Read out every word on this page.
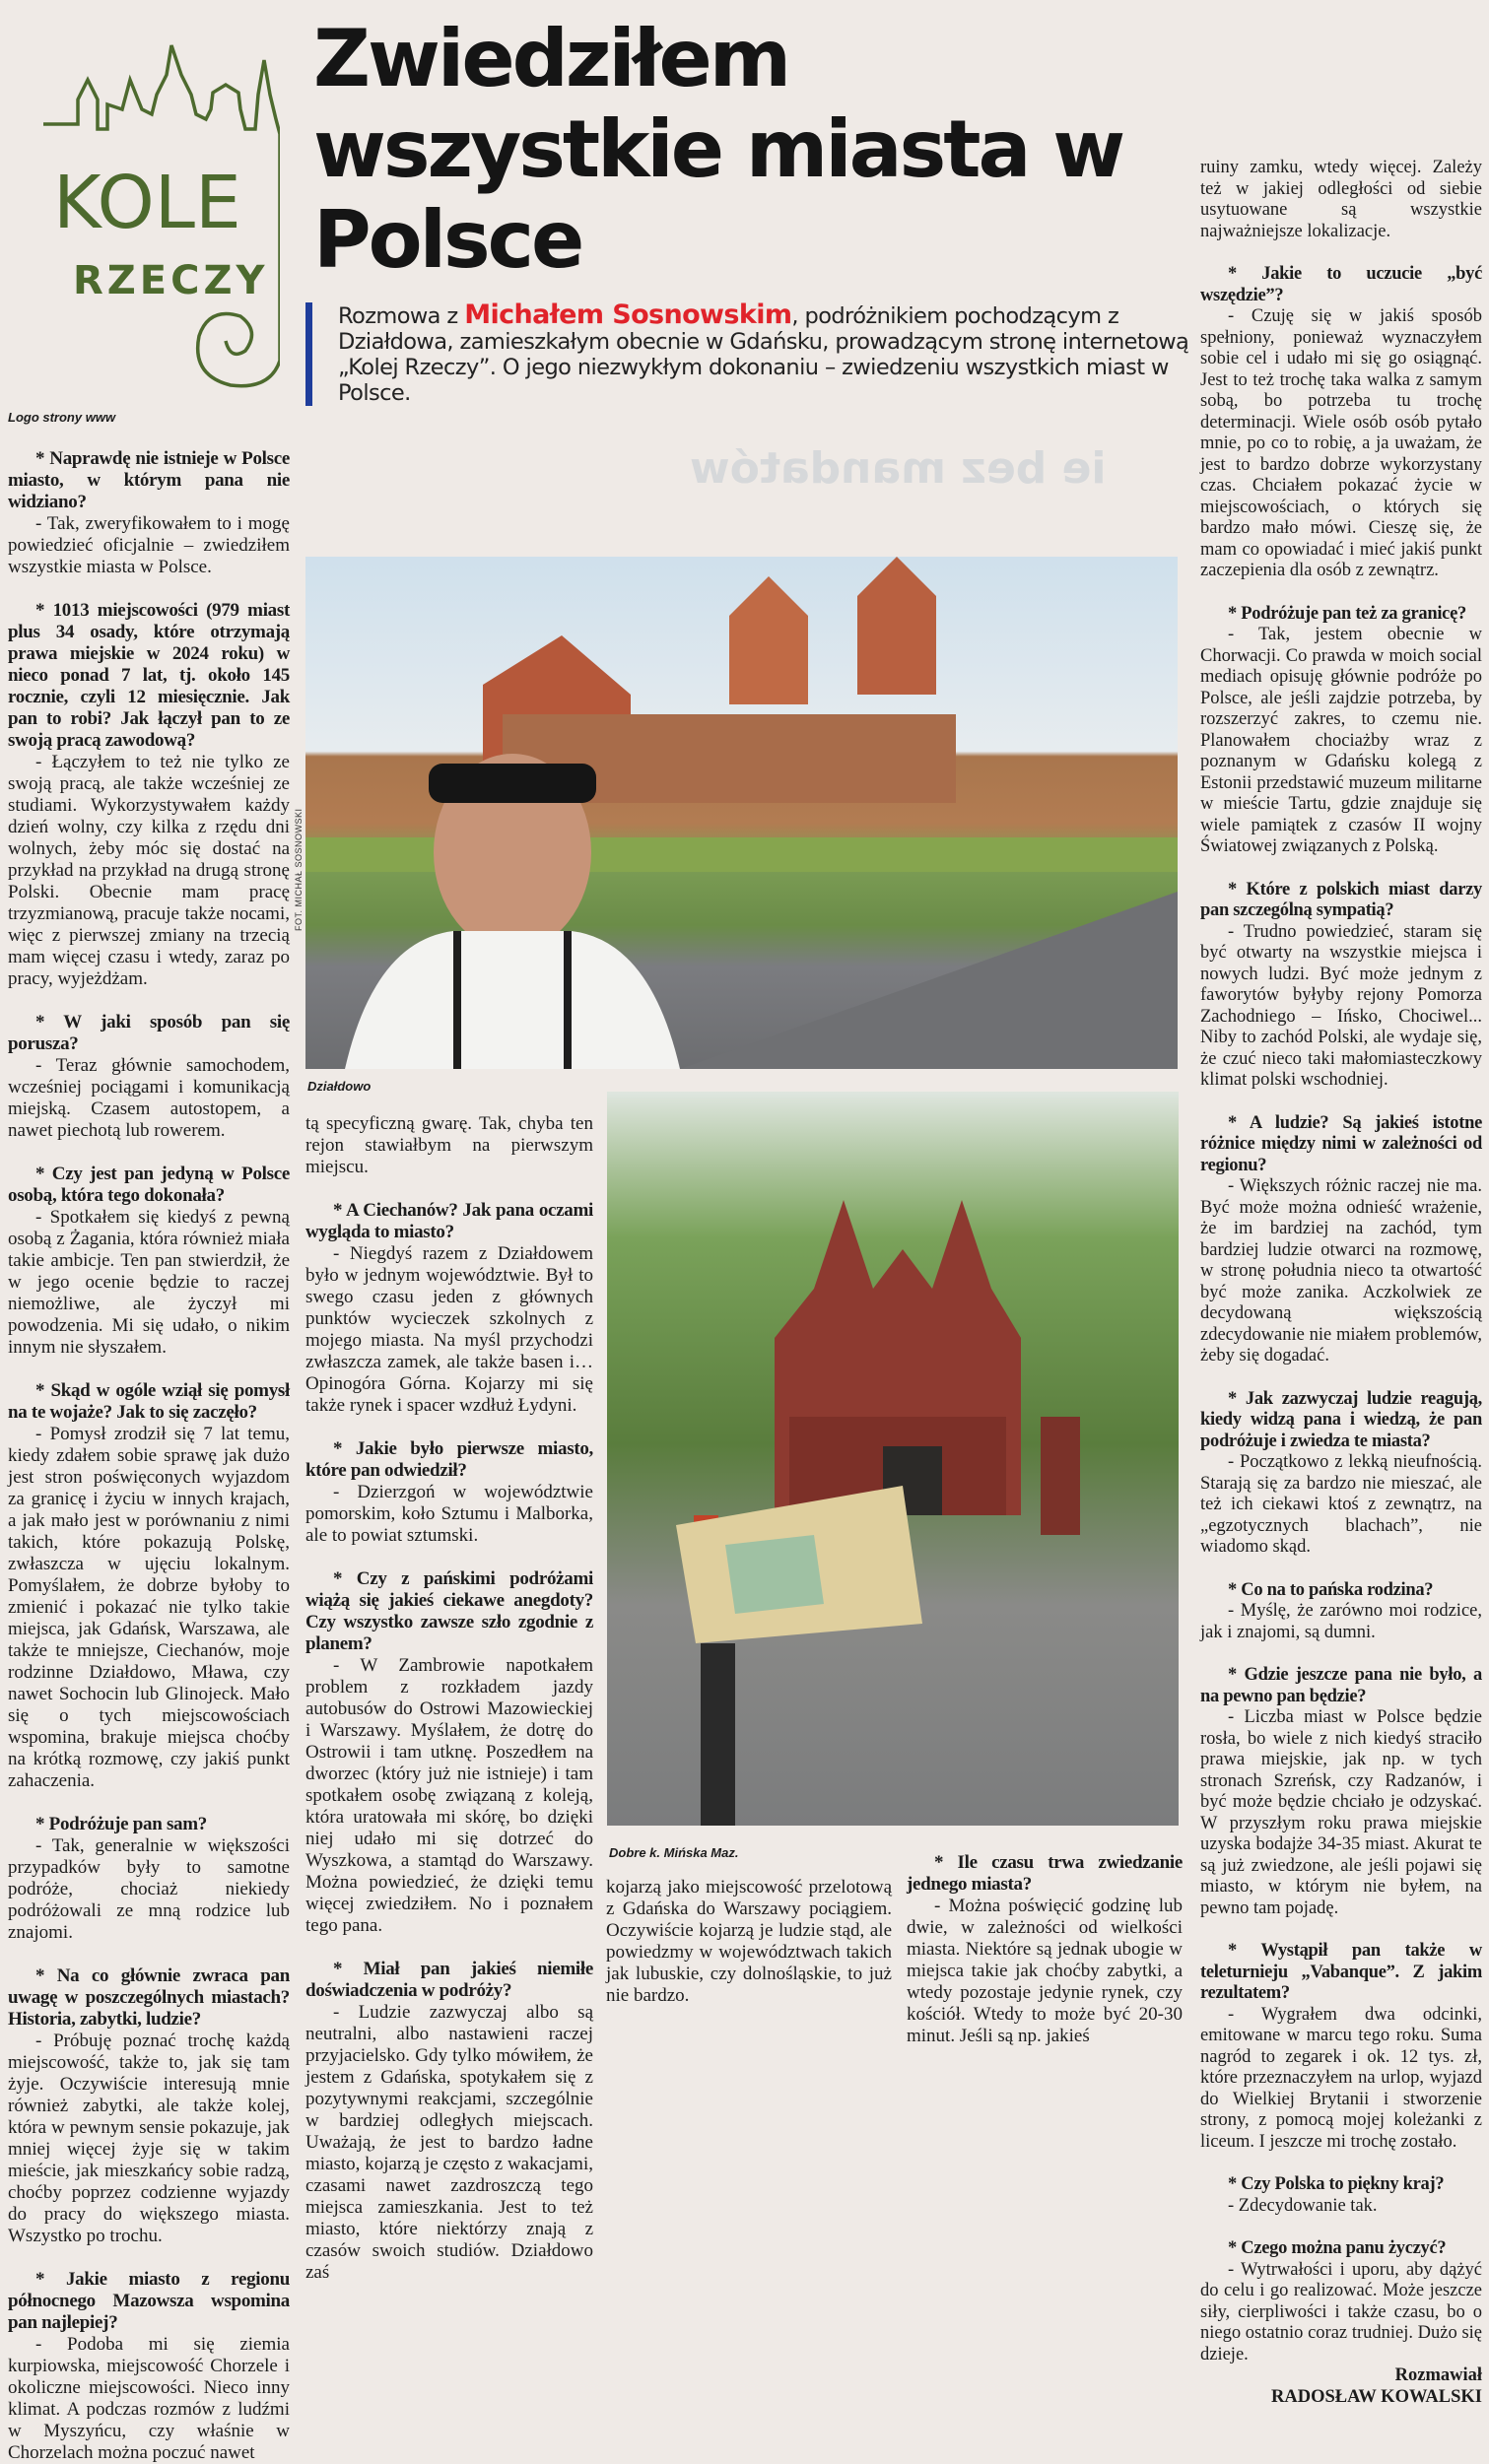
ie bez mandatów
KOLE
RZECZY
Logo strony www
Zwiedziłem wszystkie miasta w Polsce
Rozmowa z Michałem Sosnowskim, podróżnikiem pochodzącym z Działdowa, zamieszkałym obecnie w Gdańsku, prowadzącym stronę internetową „Kolej Rzeczy”. O jego niezwykłym dokonaniu – zwiedzeniu wszystkich miast w Polsce.
FOT. MICHAŁ SOSNOWSKI
Działdowo
Dobre k. Mińska Maz.

* Naprawdę nie istnieje w Polsce miasto, w którym pana nie widziano?

- Tak, zweryfikowałem to i mogę powiedzieć oficjalnie – zwiedziłem wszystkie miasta w Polsce.

* 1013 miejscowości (979 miast plus 34 osady, które otrzymają prawa miejskie w 2024 roku) w nieco ponad 7 lat, tj. około 145 rocznie, czyli 12 miesięcznie. Jak pan to robi? Jak łączył pan to ze swoją pracą zawodową?

- Łączyłem to też nie tylko ze swoją pracą, ale także wcześniej ze studiami. Wykorzystywałem każdy dzień wolny, czy kilka z rzędu dni wolnych, żeby móc się dostać na przykład na przykład na drugą stronę Polski. Obecnie mam pracę trzyzmianową, pracuje także nocami, więc z pierwszej zmiany na trzecią mam więcej czasu i wtedy, zaraz po pracy, wyjeżdżam.

* W jaki sposób pan się porusza?

- Teraz głównie samochodem, wcześniej pociągami i komunikacją miejską. Czasem autostopem, a nawet piechotą lub rowerem.

* Czy jest pan jedyną w Polsce osobą, która tego dokonała?

- Spotkałem się kiedyś z pewną osobą z Żagania, która również miała takie ambicje. Ten pan stwierdził, że w jego ocenie będzie to raczej niemożliwe, ale życzył mi powodzenia. Mi się udało, o nikim innym nie słyszałem.

* Skąd w ogóle wziął się pomysł na te wojaże? Jak to się zaczęło?

- Pomysł zrodził się 7 lat temu, kiedy zdałem sobie sprawę jak dużo jest stron poświęconych wyjazdom za granicę i życiu w innych krajach, a jak mało jest w porównaniu z nimi takich, które pokazują Polskę, zwłaszcza w ujęciu lokalnym. Pomyślałem, że dobrze byłoby to zmienić i pokazać nie tylko takie miejsca, jak Gdańsk, Warszawa, ale także te mniejsze, Ciechanów, moje rodzinne Działdowo, Mława, czy nawet Sochocin lub Glinojeck. Mało się o tych miejscowościach wspomina, brakuje miejsca choćby na krótką rozmowę, czy jakiś punkt zahaczenia.

* Podróżuje pan sam?

- Tak, generalnie w większości przypadków były to samotne podróże, chociaż niekiedy podróżowali ze mną rodzice lub znajomi.

* Na co głównie zwraca pan uwagę w poszczególnych miastach? Historia, zabytki, ludzie?

- Próbuję poznać trochę każdą miejscowość, także to, jak się tam żyje. Oczywiście interesują mnie również zabytki, ale także kolej, która w pewnym sensie pokazuje, jak mniej więcej żyje się w takim mieście, jak mieszkańcy sobie radzą, choćby poprzez codzienne wyjazdy do pracy do większego miasta. Wszystko po trochu.

* Jakie miasto z regionu północnego Mazowsza wspomina pan najlepiej?

- Podoba mi się ziemia kurpiowska, miejscowość Chorzele i okoliczne miejscowości. Nieco inny klimat. A podczas rozmów z ludźmi w Myszyńcu, czy właśnie w Chorzelach można poczuć nawet

tą specyficzną gwarę. Tak, chyba ten rejon stawiałbym na pierwszym miejscu.

* A Ciechanów? Jak pana oczami wygląda to miasto?

- Niegdyś razem z Działdowem było w jednym województwie. Był to swego czasu jeden z głównych punktów wycieczek szkolnych z mojego miasta. Na myśl przychodzi zwłaszcza zamek, ale także basen i… Opinogóra Górna. Kojarzy mi się także rynek i spacer wzdłuż Łydyni.

* Jakie było pierwsze miasto, które pan odwiedził?

- Dzierzgoń w województwie pomorskim, koło Sztumu i Malborka, ale to powiat sztumski.

* Czy z pańskimi podróżami wiążą się jakieś ciekawe anegdoty? Czy wszystko zawsze szło zgodnie z planem?

- W Zambrowie napotkałem problem z rozkładem jazdy autobusów do Ostrowi Mazowieckiej i Warszawy. Myślałem, że dotrę do Ostrowii i tam utknę. Poszedłem na dworzec (który już nie istnieje) i tam spotkałem osobę związaną z koleją, która uratowała mi skórę, bo dzięki niej udało mi się dotrzeć do Wyszkowa, a stamtąd do Warszawy. Można powiedzieć, że dzięki temu więcej zwiedziłem. No i poznałem tego pana.

* Miał pan jakieś niemiłe doświadczenia w podróży?

- Ludzie zazwyczaj albo są neutralni, albo nastawieni raczej przyjacielsko. Gdy tylko mówiłem, że jestem z Gdańska, spotykałem się z pozytywnymi reakcjami, szczególnie w bardziej odległych miejscach. Uważają, że jest to bardzo ładne miasto, kojarzą je często z wakacjami, czasami nawet zazdroszczą tego miejsca zamieszkania. Jest to też miasto, które niektórzy znają z czasów swoich studiów. Działdowo zaś

kojarzą jako miejscowość przelotową z Gdańska do Warszawy pociągiem. Oczywiście kojarzą je ludzie stąd, ale powiedzmy w województwach takich jak lubuskie, czy dolnośląskie, to już nie bardzo.

* Ile czasu trwa zwiedzanie jednego miasta?

- Można poświęcić godzinę lub dwie, w zależności od wielkości miasta. Niektóre są jednak ubogie w miejsca takie jak choćby zabytki, a wtedy pozostaje jedynie rynek, czy kościół. Wtedy to może być 20-30 minut. Jeśli są np. jakieś

ruiny zamku, wtedy więcej. Zależy też w jakiej odległości od siebie usytuowane są wszystkie najważniejsze lokalizacje.

* Jakie to uczucie „być wszędzie”?

- Czuję się w jakiś sposób spełniony, ponieważ wyznaczyłem sobie cel i udało mi się go osiągnąć. Jest to też trochę taka walka z samym sobą, bo potrzeba tu trochę determinacji. Wiele osób osób pytało mnie, po co to robię, a ja uważam, że jest to bardzo dobrze wykorzystany czas. Chciałem pokazać życie w miejscowościach, o których się bardzo mało mówi. Cieszę się, że mam co opowiadać i mieć jakiś punkt zaczepienia dla osób z zewnątrz.

* Podróżuje pan też za granicę?

- Tak, jestem obecnie w Chorwacji. Co prawda w moich social mediach opisuję głównie podróże po Polsce, ale jeśli zajdzie potrzeba, by rozszerzyć zakres, to czemu nie. Planowałem chociażby wraz z poznanym w Gdańsku kolegą z Estonii przedstawić muzeum militarne w mieście Tartu, gdzie znajduje się wiele pamiątek z czasów II wojny Światowej związanych z Polską.

* Które z polskich miast darzy pan szczególną sympatią?

- Trudno powiedzieć, staram się być otwarty na wszystkie miejsca i nowych ludzi. Być może jednym z faworytów byłyby rejony Pomorza Zachodniego – Ińsko, Chociwel... Niby to zachód Polski, ale wydaje się, że czuć nieco taki małomiasteczkowy klimat polski wschodniej.

* A ludzie? Są jakieś istotne różnice między nimi w zależności od regionu?

- Większych różnic raczej nie ma. Być może można odnieść wrażenie, że im bardziej na zachód, tym bardziej ludzie otwarci na rozmowę, w stronę południa nieco ta otwartość być może zanika. Aczkolwiek ze decydowaną większością zdecydowanie nie miałem problemów, żeby się dogadać.

* Jak zazwyczaj ludzie reagują, kiedy widzą pana i wiedzą, że pan podróżuje i zwiedza te miasta?

- Początkowo z lekką nieufnością. Starają się za bardzo nie mieszać, ale też ich ciekawi ktoś z zewnątrz, na „egzotycznych blachach”, nie wiadomo skąd.

* Co na to pańska rodzina?

- Myślę, że zarówno moi rodzice, jak i znajomi, są dumni.

* Gdzie jeszcze pana nie było, a na pewno pan będzie?

- Liczba miast w Polsce będzie rosła, bo wiele z nich kiedyś straciło prawa miejskie, jak np. w tych stronach Szreńsk, czy Radzanów, i być może będzie chciało je odzyskać. W przyszłym roku prawa miejskie uzyska bodajże 34-35 miast. Akurat te są już zwiedzone, ale jeśli pojawi się miasto, w którym nie byłem, na pewno tam pojadę.

* Wystąpił pan także w teleturnieju „Vabanque”. Z jakim rezultatem?

- Wygrałem dwa odcinki, emitowane w marcu tego roku. Suma nagród to zegarek i ok. 12 tys. zł, które przeznaczyłem na urlop, wyjazd do Wielkiej Brytanii i stworzenie strony, z pomocą mojej koleżanki z liceum. I jeszcze mi trochę zostało.

* Czy Polska to piękny kraj?

- Zdecydowanie tak.

* Czego można panu życzyć?

- Wytrwałości i uporu, aby dążyć do celu i go realizować. Może jeszcze siły, cierpliwości i także czasu, bo o niego ostatnio coraz trudniej. Dużo się dzieje.

Rozmawiał

RADOSŁAW KOWALSKI
